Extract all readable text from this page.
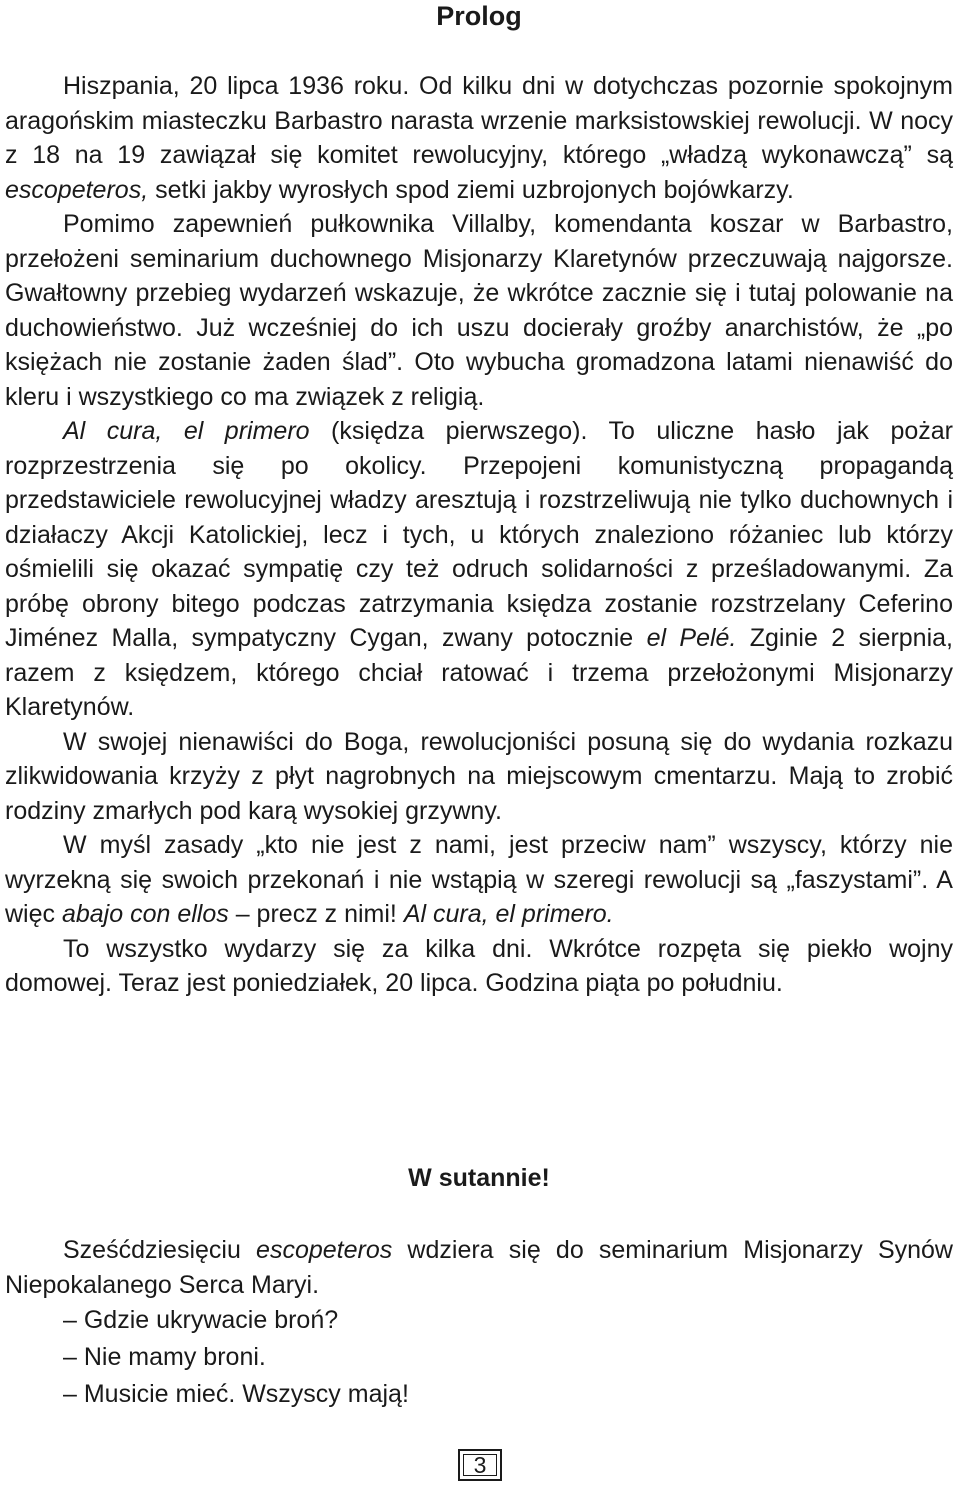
Prolog

Hiszpania, 20 lipca 1936 roku. Od kilku dni w dotychczas pozornie spokojnym aragońskim miasteczku Barbastro narasta wrzenie marksistowskiej rewolucji. W nocy z 18 na 19 zawiązał się komitet rewolucyjny, którego „władzą wykonawczą” są escopeteros, setki jakby wyrosłych spod ziemi uzbrojonych bojówkarzy.

Pomimo zapewnień pułkownika Villalby, komendanta koszar w Barbastro, przełożeni seminarium duchownego Misjonarzy Klaretynów przeczuwają najgorsze. Gwałtowny przebieg wydarzeń wskazuje, że wkrótce zacznie się i tutaj polowanie na duchowieństwo. Już wcześniej do ich uszu docierały groźby anarchistów, że „po księżach nie zostanie żaden ślad”. Oto wybucha gromadzona latami nienawiść do kleru i wszystkiego co ma związek z religią.

Al cura, el primero (księdza pierwszego). To uliczne hasło jak pożar rozprzestrzenia się po okolicy. Przepojeni komunistyczną propagandą przedstawiciele rewolucyjnej władzy aresztują i rozstrzeliwują nie tylko duchownych i działaczy Akcji Katolickiej, lecz i tych, u których znaleziono różaniec lub którzy ośmielili się okazać sympatię czy też odruch solidarności z prześladowanymi. Za próbę obrony bitego podczas zatrzymania księdza zostanie rozstrzelany Ceferino Jiménez Malla, sympatyczny Cygan, zwany potocznie el Pelé. Zginie 2 sierpnia, razem z księdzem, którego chciał ratować i trzema przełożonymi Misjonarzy Klaretynów.

W swojej nienawiści do Boga, rewolucjoniści posuną się do wydania rozkazu zlikwidowania krzyży z płyt nagrobnych na miejscowym cmentarzu. Mają to zrobić rodziny zmarłych pod karą wysokiej grzywny.

W myśl zasady „kto nie jest z nami, jest przeciw nam” wszyscy, którzy nie wyrzekną się swoich przekonań i nie wstąpią w szeregi rewolucji są „faszystami”. A więc abajo con ellos – precz z nimi! Al cura, el primero.

To wszystko wydarzy się za kilka dni. Wkrótce rozpęta się piekło wojny domowej. Teraz jest poniedziałek, 20 lipca. Godzina piąta po południu.

W sutannie!

Sześćdziesięciu escopeteros wdziera się do seminarium Misjonarzy Synów Niepokalanego Serca Maryi.

– Gdzie ukrywacie broń?

– Nie mamy broni.

– Musicie mieć. Wszyscy mają!

3
